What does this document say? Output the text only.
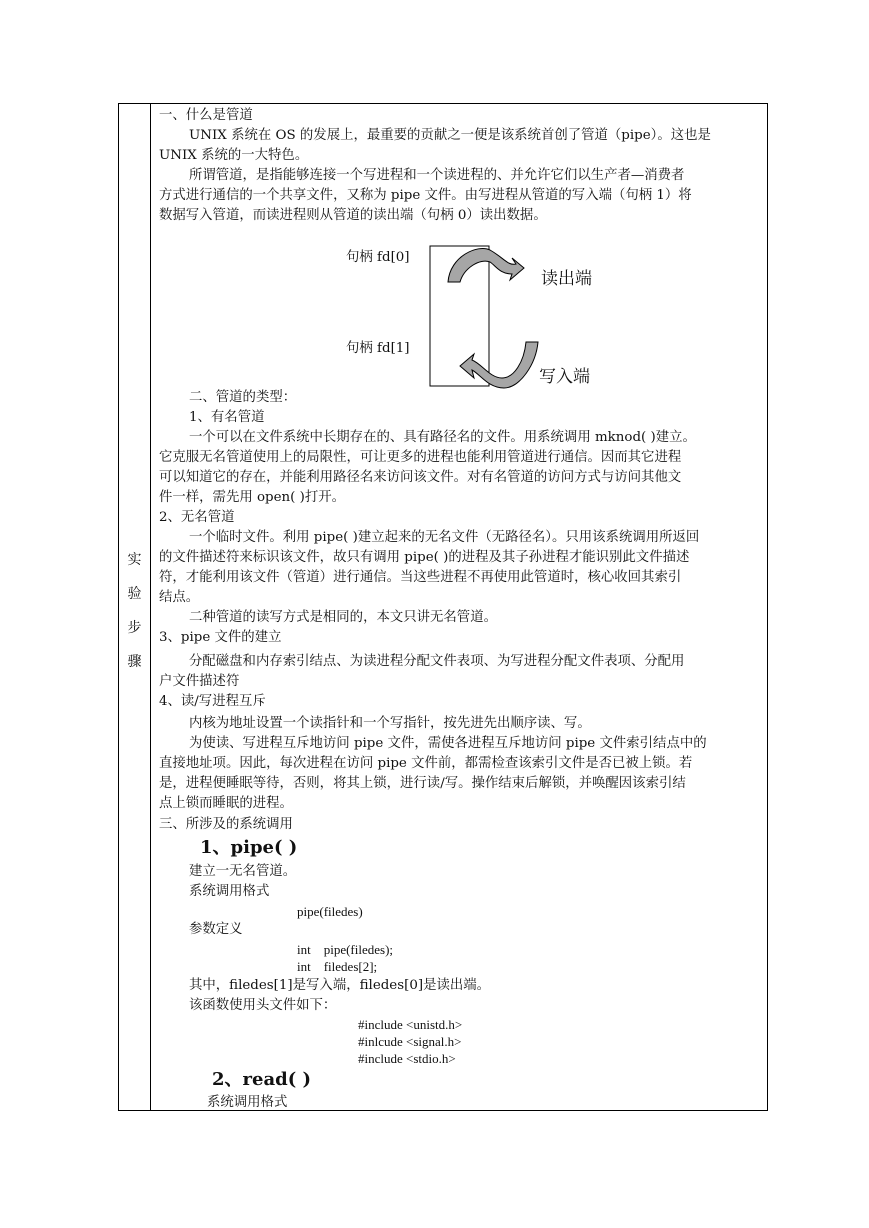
实
验
步
骤
一、什么是管道
UNIX 系统在 OS 的发展上，最重要的贡献之一便是该系统首创了管道（pipe）。这也是
UNIX 系统的一大特色。
所谓管道，是指能够连接一个写进程和一个读进程的、并允许它们以生产者—消费者
方式进行通信的一个共享文件，又称为 pipe 文件。由写进程从管道的写入端（句柄 1）将
数据写入管道，而读进程则从管道的读出端（句柄 0）读出数据。
句柄 fd[0]
句柄 fd[1]
读出端
写入端
二、管道的类型：
1、有名管道
一个可以在文件系统中长期存在的、具有路径名的文件。用系统调用 mknod( )建立。
它克服无名管道使用上的局限性，可让更多的进程也能利用管道进行通信。因而其它进程
可以知道它的存在，并能利用路径名来访问该文件。对有名管道的访问方式与访问其他文
件一样，需先用 open( )打开。
2、无名管道
一个临时文件。利用 pipe( )建立起来的无名文件（无路径名）。只用该系统调用所返回
的文件描述符来标识该文件，故只有调用 pipe( )的进程及其子孙进程才能识别此文件描述
符，才能利用该文件（管道）进行通信。当这些进程不再使用此管道时，核心收回其索引
结点。
二种管道的读写方式是相同的，本文只讲无名管道。
3、pipe 文件的建立
分配磁盘和内存索引结点、为读进程分配文件表项、为写进程分配文件表项、分配用
户文件描述符
4、读/写进程互斥
内核为地址设置一个读指针和一个写指针，按先进先出顺序读、写。
为使读、写进程互斥地访问 pipe 文件，需使各进程互斥地访问 pipe 文件索引结点中的
直接地址项。因此，每次进程在访问 pipe 文件前，都需检查该索引文件是否已被上锁。若
是，进程便睡眠等待，否则，将其上锁，进行读/写。操作结束后解锁，并唤醒因该索引结
点上锁而睡眠的进程。
三、所涉及的系统调用
1、pipe( )
建立一无名管道。
系统调用格式
pipe(filedes)
参数定义
int    pipe(filedes);
int    filedes[2];
其中，filedes[1]是写入端，filedes[0]是读出端。
该函数使用头文件如下：
#include <unistd.h>
#inlcude <signal.h>
#include <stdio.h>
2、read( )
系统调用格式
